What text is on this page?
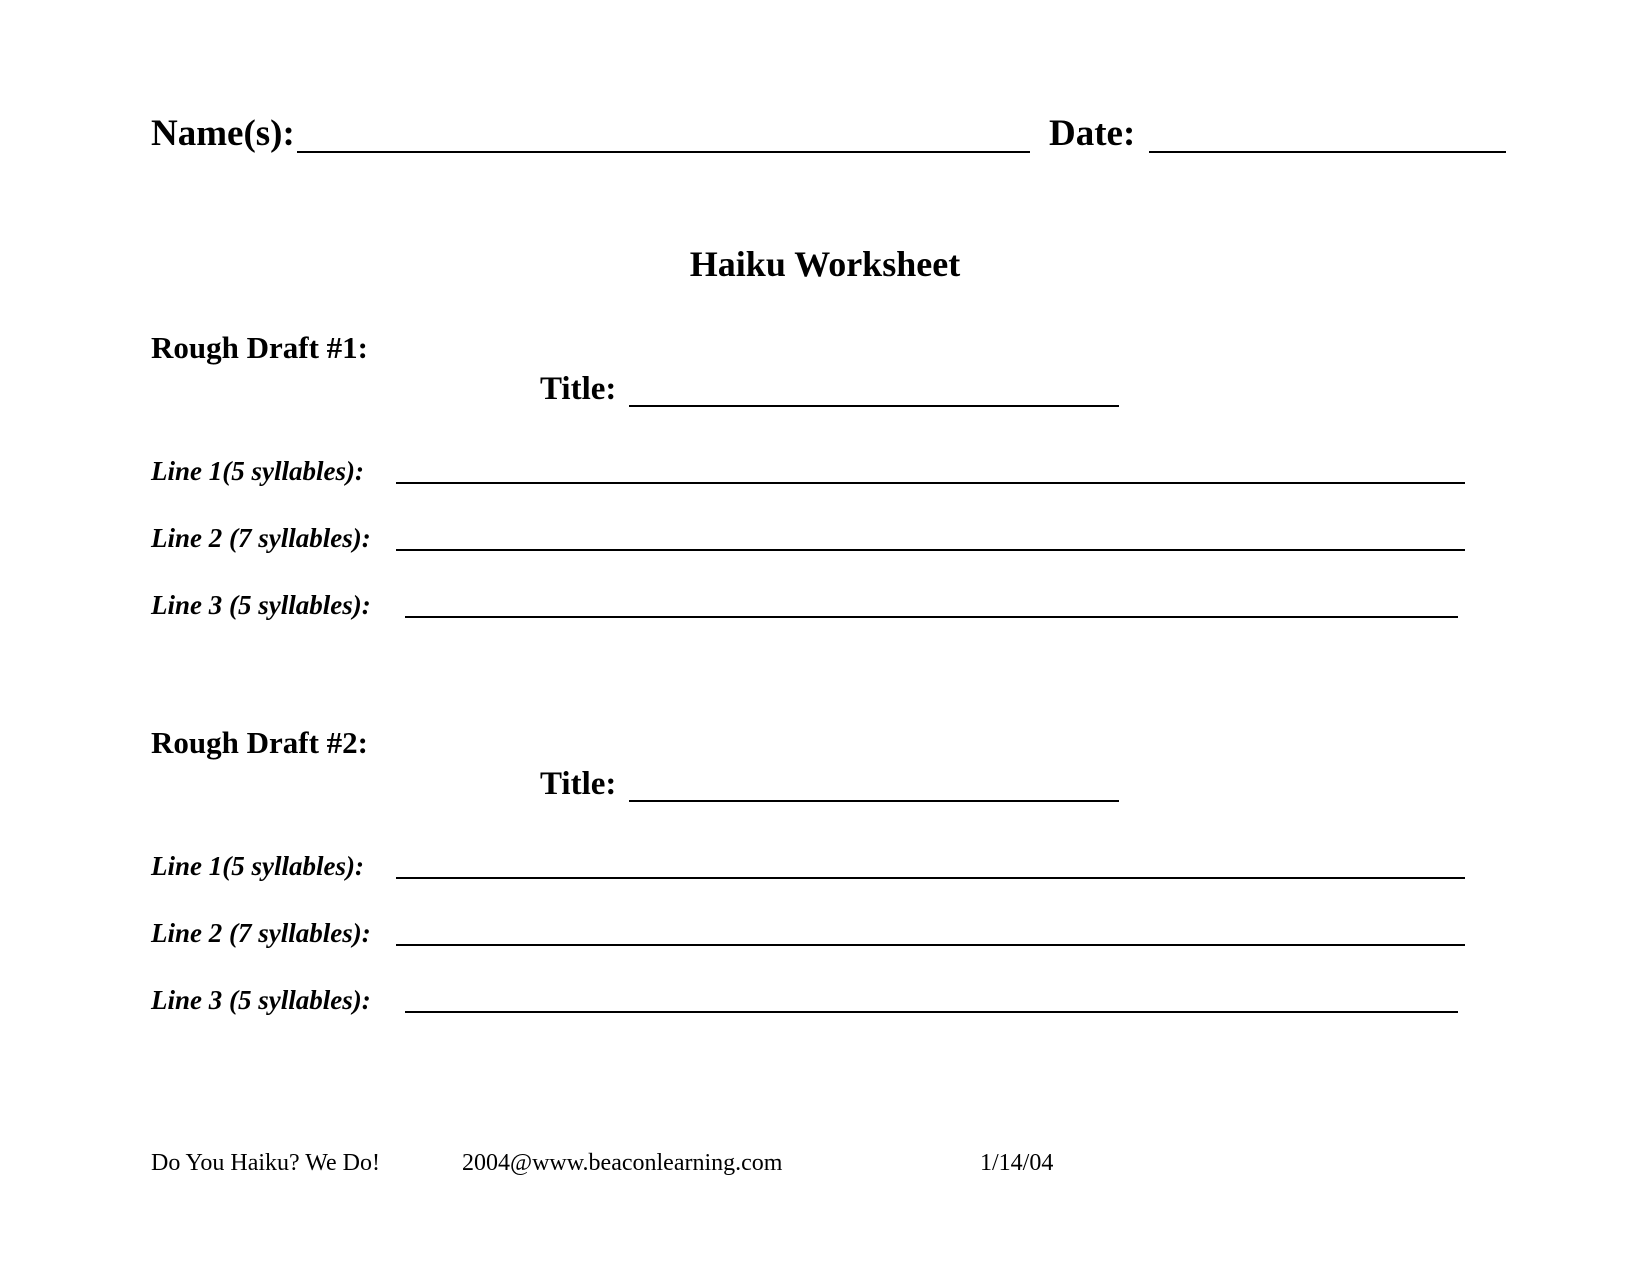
Name(s):	Date:
Haiku Worksheet
Rough Draft #1:
Title:
Line 1(5 syllables):
Line 2 (7 syllables):
Line 3 (5 syllables):
Rough Draft #2:
Title:
Line 1(5 syllables):
Line 2 (7 syllables):
Line 3 (5 syllables):
Do You Haiku? We Do!	2004@www.beaconlearning.com	1/14/04
